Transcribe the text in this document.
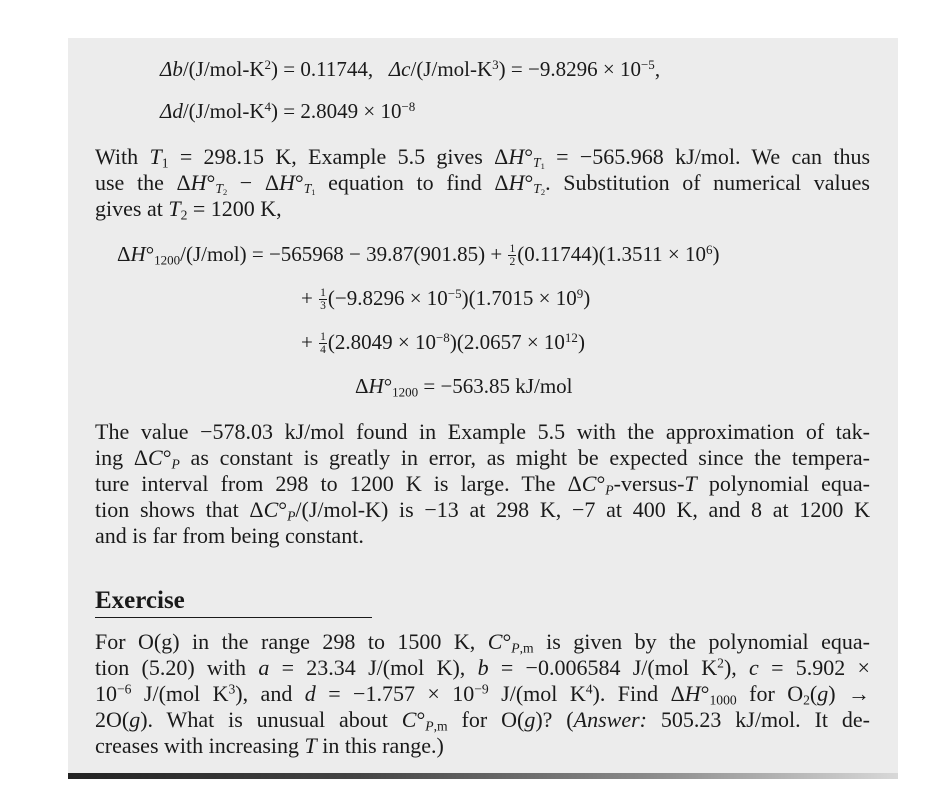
$\Delta b/(J/mol-K^2) = 0.11744$,   $\Delta c/(J/mol-K^3) = -9.8296 \times 10^{-5}$,
$\Delta d/(J/mol-K^4) = 2.8049 \times 10^{-8}$
With $T_1 = 298.15$ K, Example 5.5 gives $\Delta H^\circ_{T_1} = -565.968$ kJ/mol. We can thus
use the $\Delta H^\circ_{T_2} - \Delta H^\circ_{T_1}$ equation to find $\Delta H^\circ_{T_2}$. Substitution of numerical values
gives at $T_2 = 1200$ K,
$\Delta H^\circ_{1200}/(J/mol) = -565968 - 39.87(901.85) + \frac{1}{2} (0.11744)(1.3511 \times 10^6)$
+ $\frac{1}{3} (-9.8296 \times 10^{-5})(1.7015 \times 10^9)$
+ $\frac{1}{4} (2.8049 \times 10^{-8})(2.0657 \times 10^{12})$
$\Delta H^\circ_{1200} = -563.85$ kJ/mol
The value −578.03 kJ/mol found in Example 5.5 with the approximation of tak-
ing $\Delta C^\circ_P$ as constant is greatly in error, as might be expected since the tempera-
ture interval from 298 to 1200 K is large. The $\Delta C^\circ_P-versus-T$ polynomial equa-
tion shows that $\Delta C^\circ_P/(J/mol-K)$ is −13 at 298 K, −7 at 400 K, and 8 at 1200 K
and is far from being constant.
Exercise
For O(g) in the range 298 to 1500 K, $C^\circ_{P,m}$ is given by the polynomial equa-
tion (5.20) with a = 23.34 J/(mol K), b = −0.006584 J/(mol $K^2$), c = 5.902 ×
$10^{-6}$ J/(mol $K^3$), and $d = -1.757 \times 10^{-9}$ J/(mol $K^4$). Find $\Delta H^\circ_{1000}$ for $O_2(g)$ →
2O(g). What is unusual about $C^\circ_{P,m}$ for O(g)? (Answer: 505.23 kJ/mol. It de-
creases with increasing T in this range.)
